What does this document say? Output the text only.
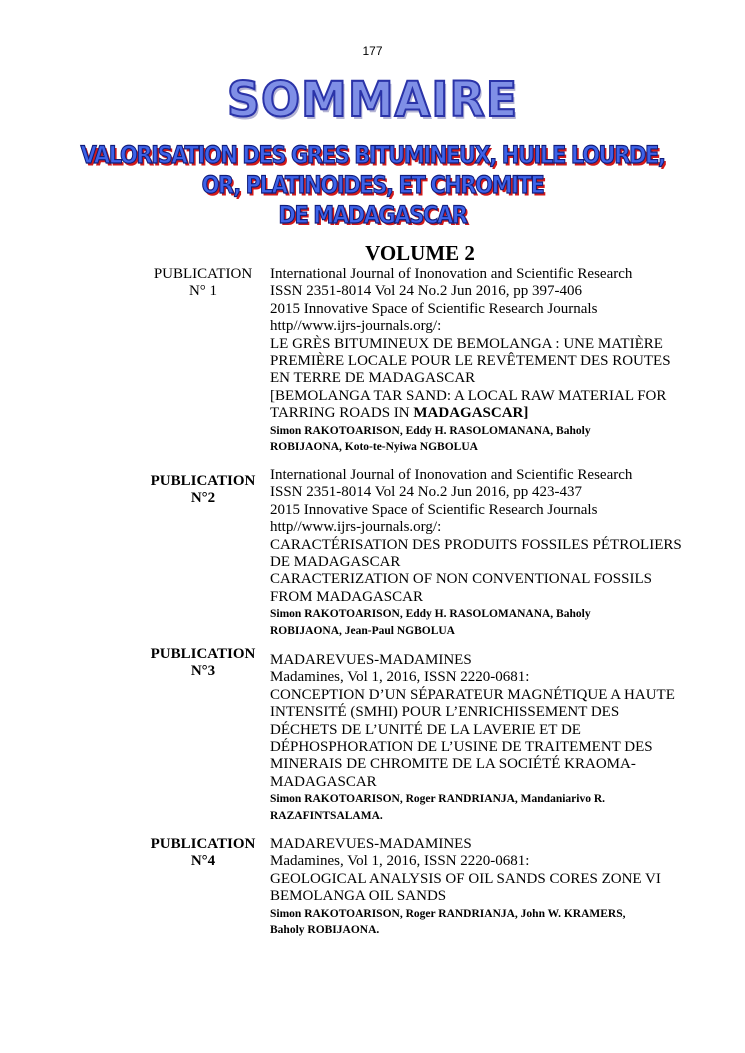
177
SOMMAIRE
VALORISATION DES GRES BITUMINEUX, HUILE LOURDE,
OR, PLATINOIDES, ET CHROMITE
DE MADAGASCAR
VOLUME 2
PUBLICATION
N° 1
International Journal of Inonovation and Scientific Research
ISSN 2351-8014 Vol 24 No.2 Jun 2016, pp 397-406
2015 Innovative Space of Scientific Research Journals
http//www.ijrs-journals.org/:
LE GRÈS BITUMINEUX DE BEMOLANGA : UNE MATIÈRE
PREMIÈRE LOCALE POUR LE REVÊTEMENT DES ROUTES
EN TERRE DE MADAGASCAR
[BEMOLANGA TAR SAND: A LOCAL RAW MATERIAL FOR
TARRING ROADS IN MADAGASCAR]
Simon RAKOTOARISON, Eddy H. RASOLOMANANA, Baholy
ROBIJAONA, Koto-te-Nyiwa NGBOLUA
PUBLICATION
N°2
International Journal of Inonovation and Scientific Research
ISSN 2351-8014 Vol 24 No.2 Jun 2016, pp 423-437
2015 Innovative Space of Scientific Research Journals
http//www.ijrs-journals.org/:
CARACTÉRISATION DES PRODUITS FOSSILES PÉTROLIERS
DE MADAGASCAR
CARACTERIZATION OF NON CONVENTIONAL FOSSILS
FROM MADAGASCAR
Simon RAKOTOARISON, Eddy H. RASOLOMANANA, Baholy
ROBIJAONA, Jean-Paul NGBOLUA
PUBLICATION
N°3
MADAREVUES-MADAMINES
Madamines, Vol 1, 2016, ISSN 2220-0681:
CONCEPTION D’UN SÉPARATEUR MAGNÉTIQUE A HAUTE
INTENSITÉ (SMHI) POUR L’ENRICHISSEMENT DES
DÉCHETS DE L’UNITÉ DE LA LAVERIE ET DE
DÉPHOSPHORATION DE L’USINE DE TRAITEMENT DES
MINERAIS DE CHROMITE DE LA SOCIÉTÉ KRAOMA-
MADAGASCAR
Simon RAKOTOARISON, Roger RANDRIANJA, Mandaniarivo R.
RAZAFINTSALAMA.
PUBLICATION
N°4
MADAREVUES-MADAMINES
Madamines, Vol 1, 2016, ISSN 2220-0681:
GEOLOGICAL ANALYSIS OF OIL SANDS CORES ZONE VI
BEMOLANGA OIL SANDS
Simon RAKOTOARISON, Roger RANDRIANJA, John W. KRAMERS,
Baholy ROBIJAONA.
